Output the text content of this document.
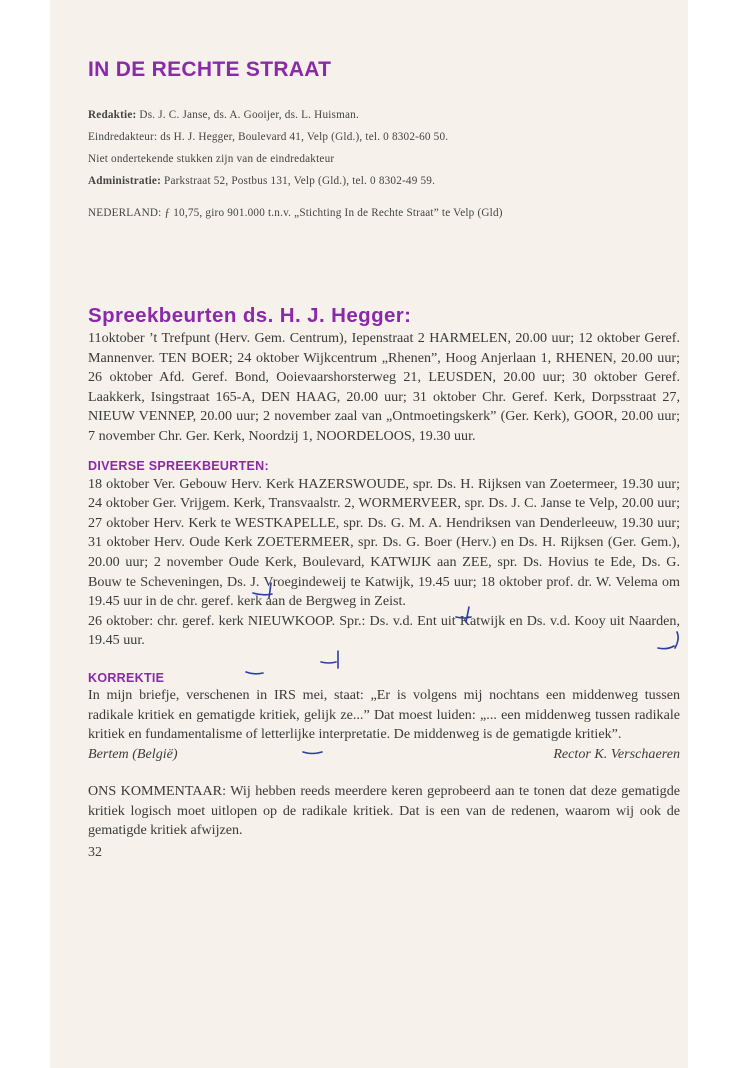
IN DE RECHTE STRAAT
Redaktie: Ds. J. C. Janse, ds. A. Gooijer, ds. L. Huisman.
Eindredakteur: ds H. J. Hegger, Boulevard 41, Velp (Gld.), tel. 0 8302-60 50.
Niet ondertekende stukken zijn van de eindredakteur
Administratie: Parkstraat 52, Postbus 131, Velp (Gld.), tel. 0 8302-49 59.
NEDERLAND: ƒ 10,75, giro 901.000 t.n.v. „Stichting In de Rechte Straat” te Velp (Gld)
Spreekbeurten ds. H. J. Hegger:

11oktober ’t Trefpunt (Herv. Gem. Centrum), Iepenstraat 2 HARMELEN, 20.00 uur; 12 oktober Geref. Mannenver. TEN BOER; 24 oktober Wijkcentrum „Rhenen”, Hoog Anjerlaan 1, RHENEN, 20.00 uur; 26 oktober Afd. Geref. Bond, Ooievaarshorsterweg 21, LEUSDEN, 20.00 uur; 30 oktober Geref. Laakkerk, Isingstraat 165-A, DEN HAAG, 20.00 uur; 31 oktober Chr. Geref. Kerk, Dorpsstraat 27, NIEUW VENNEP, 20.00 uur; 2 november zaal van „Ontmoetingskerk” (Ger. Kerk), GOOR, 20.00 uur; 7 november Chr. Ger. Kerk, Noordzij 1, NOORDELOOS, 19.30 uur.

DIVERSE SPREEKBEURTEN:

18 oktober Ver. Gebouw Herv. Kerk HAZERSWOUDE, spr. Ds. H. Rijksen van Zoetermeer, 19.30 uur; 24 oktober Ger. Vrijgem. Kerk, Transvaalstr. 2, WORMERVEER, spr. Ds. J. C. Janse te Velp, 20.00 uur; 27 oktober Herv. Kerk te WESTKAPELLE, spr. Ds. G. M. A. Hendriksen van Denderleeuw, 19.30 uur; 31 oktober Herv. Oude Kerk ZOETERMEER, spr. Ds. G. Boer (Herv.) en Ds. H. Rijksen (Ger. Gem.), 20.00 uur; 2 november Oude Kerk, Boulevard, KATWIJK aan ZEE, spr. Ds. Hovius te Ede, Ds. G. Bouw te Scheveningen, Ds. J. Vroegindeweij te Katwijk, 19.45 uur; 18 oktober prof. dr. W. Velema om 19.45 uur in de chr. geref. kerk aan de Bergweg in Zeist.

26 oktober: chr. geref. kerk NIEUWKOOP. Spr.: Ds. v.d. Ent uit Katwijk en Ds. v.d. Kooy uit Naarden, 19.45 uur.

KORREKTIE

In mijn briefje, verschenen in IRS mei, staat: „Er is volgens mij nochtans een middenweg tussen radikale kritiek en gematigde kritiek, gelijk ze...” Dat moest luiden: „... een middenweg tussen radikale kritiek en fundamentalisme of letterlijke interpretatie. De middenweg is de gematigde kritiek”.

Bertem (België)	Rector K. Verschaeren

ONS KOMMENTAAR: Wij hebben reeds meerdere keren geprobeerd aan te tonen dat deze gematigde kritiek logisch moet uitlopen op de radikale kritiek. Dat is een van de redenen, waarom wij ook de gematigde kritiek afwijzen.

32
